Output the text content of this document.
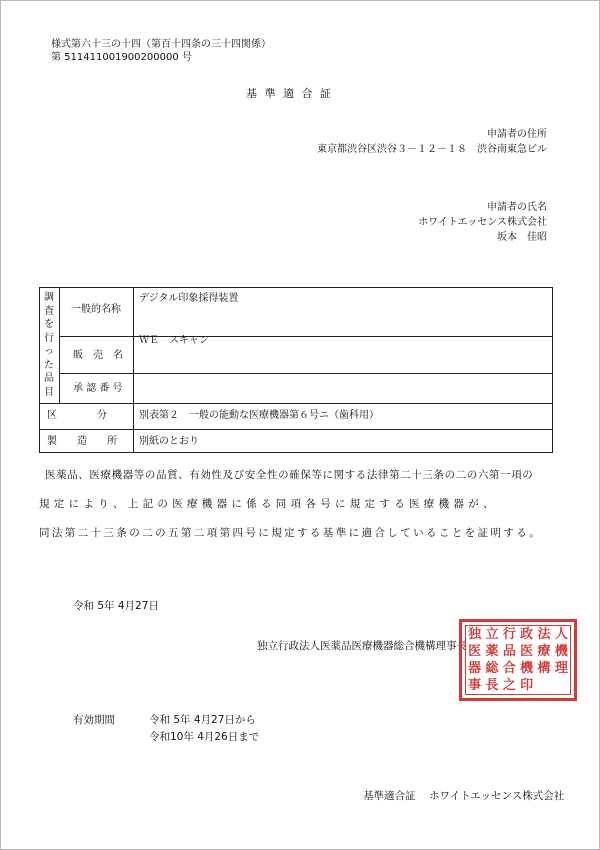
様式第六十三の十四（第百十四条の三十四関係）
第 511411001900200000 号
基 準 適 合 証
申請者の住所
東京都渋谷区渋谷３－１２－１８　渋谷南東急ビル
申請者の氏名
ホワイトエッセンス株式会社
坂本　佳昭
調
査
を
行
っ
た
品
目
一般的名称
デジタル印象採得装置
販　売　名
ＷＥ　スキャン
承 認 番 号
区　　　　分	別表第２　一般の能動な医療機器第６号ニ（歯科用）
製　　造　　所 別紙のとおり
医薬品、医療機器等の品質、有効性及び安全性の確保等に関する法律第二十三条の二の六第一項の
規定により、上記の医療機器に係る同項各号に規定する医療機器が、
同法第二十三条の二の五第二項第四号に規定する基準に適合していることを証明する。
令和 5年 4月27日
独立行政法人医薬品医療機器総合機構理事長
独 立 行 政 法 人
医 薬 品 医 療 機
器 総 合 機 構 理
事 長 之 印
有効期間	令和 5年 4月27日から
令和10年 4月26日まで
基準適合証 ホワイトエッセンス株式会社
